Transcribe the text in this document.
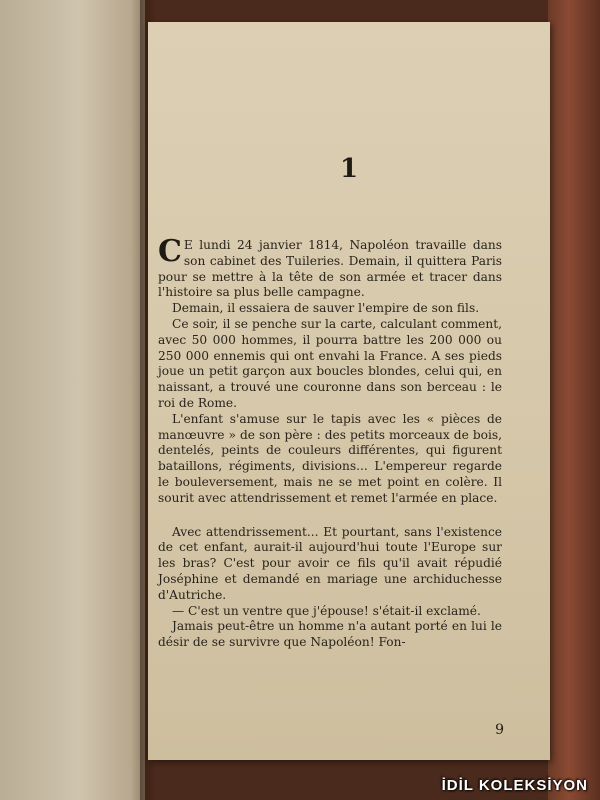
1

C E lundi 24 janvier 1814, Napoléon travaille dans son cabinet des Tuileries. Demain, il quittera Paris pour se mettre à la tête de son armée et tracer dans l'histoire sa plus belle campagne.

Demain, il essaiera de sauver l'empire de son fils.

Ce soir, il se penche sur la carte, calculant comment, avec 50 000 hommes, il pourra battre les 200 000 ou 250 000 ennemis qui ont envahi la France. A ses pieds joue un petit garçon aux boucles blondes, celui qui, en naissant, a trouvé une couronne dans son berceau : le roi de Rome.

L'enfant s'amuse sur le tapis avec les « pièces de manœuvre » de son père : des petits morceaux de bois, dentelés, peints de couleurs différentes, qui figurent bataillons, régiments, divisions... L'empereur regarde le bouleversement, mais ne se met point en colère. Il sourit avec attendrissement et remet l'armée en place.

Avec attendrissement... Et pourtant, sans l'existence de cet enfant, aurait-il aujourd'hui toute l'Europe sur les bras? C'est pour avoir ce fils qu'il avait répudié Joséphine et demandé en mariage une archiduchesse d'Autriche.

— C'est un ventre que j'épouse! s'était-il exclamé.

Jamais peut-être un homme n'a autant porté en lui le désir de se survivre que Napoléon! Fon-

9
İDİL KOLEKSİYON
